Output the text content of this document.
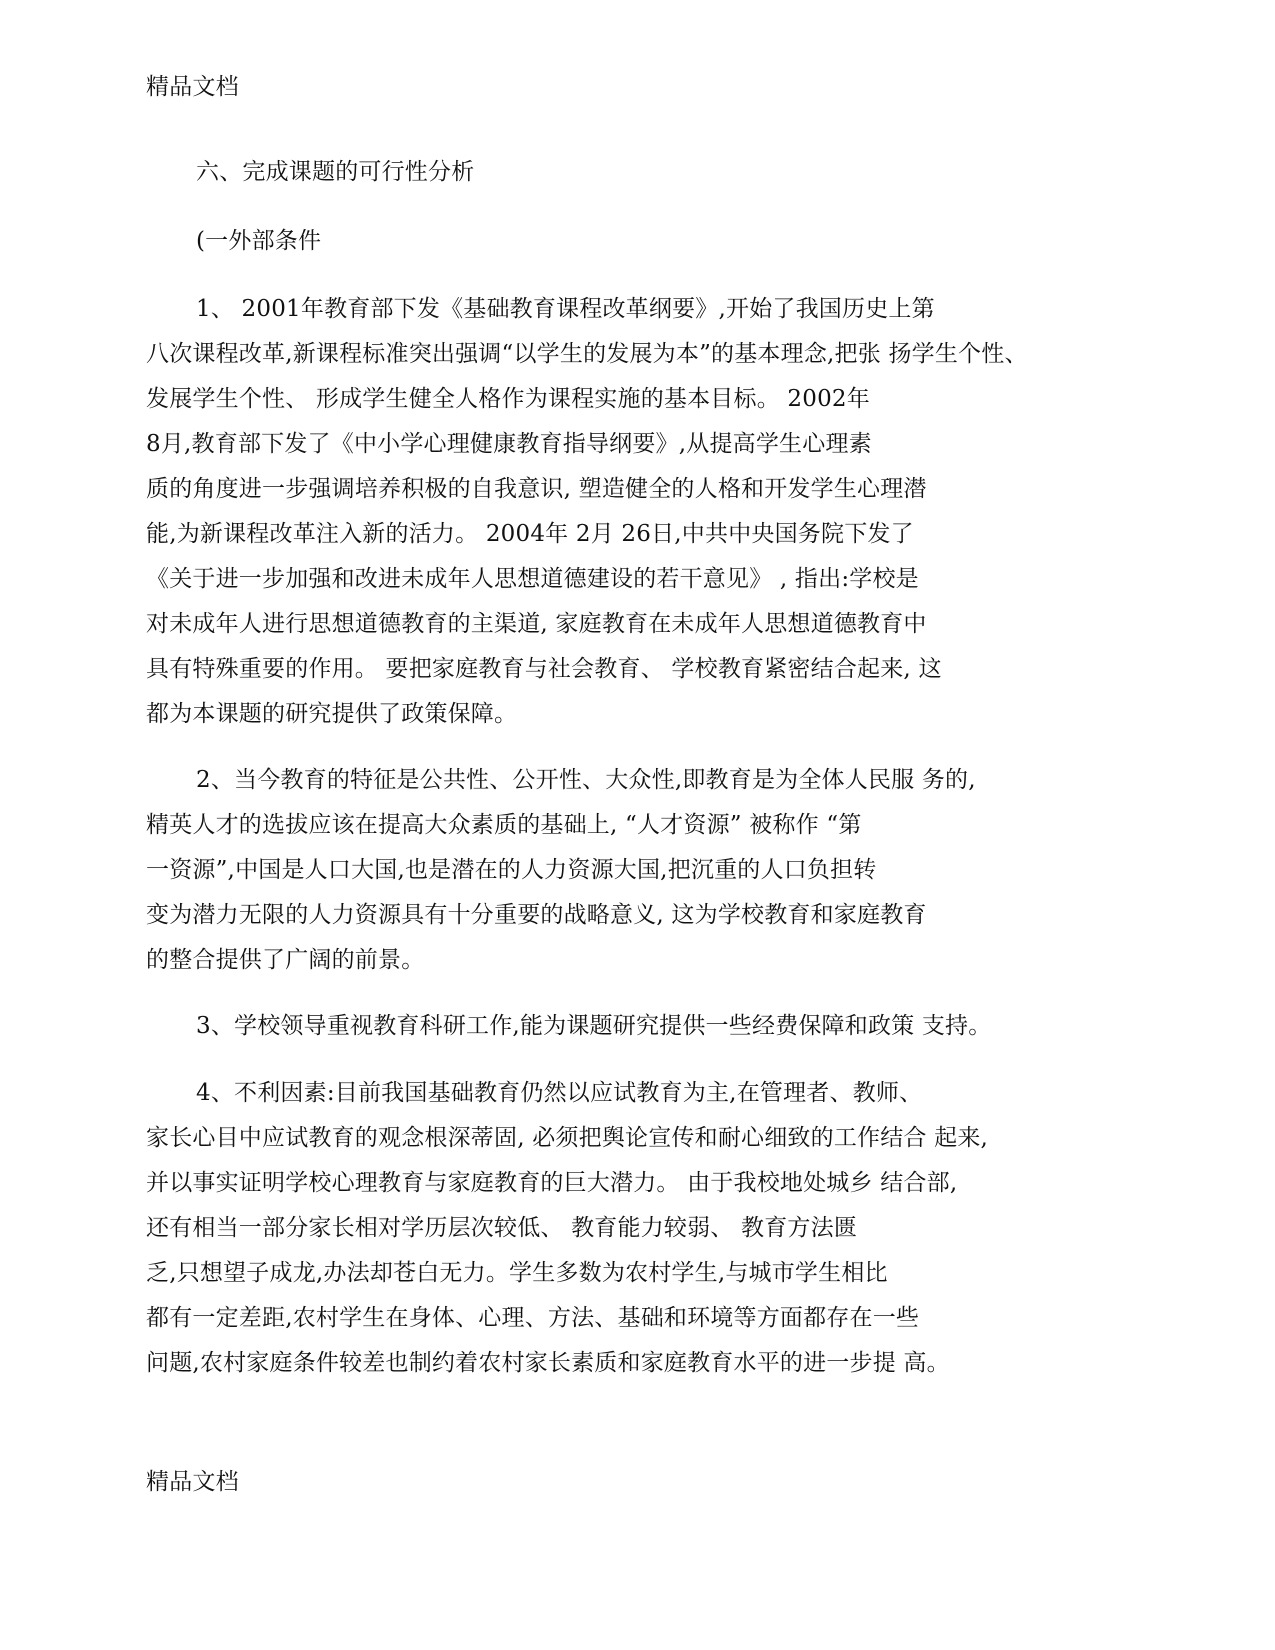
精品文档
六、完成课题的可行性分析
(一外部条件
1、 2001年教育部下发《基础教育课程改革纲要》,开始了我国历史上第
八次课程改革,新课程标准突出强调“以学生的发展为本”的基本理念,把张 扬学生个性、
发展学生个性、 形成学生健全人格作为课程实施的基本目标。 2002年
8月,教育部下发了《中小学心理健康教育指导纲要》,从提高学生心理素
质的角度进一步强调培养积极的自我意识, 塑造健全的人格和开发学生心理潜
能,为新课程改革注入新的活力。 2004年 2月 26日,中共中央国务院下发了
《关于进一步加强和改进未成年人思想道德建设的若干意见》 , 指出:学校是
对未成年人进行思想道德教育的主渠道, 家庭教育在未成年人思想道德教育中
具有特殊重要的作用。 要把家庭教育与社会教育、 学校教育紧密结合起来, 这
都为本课题的研究提供了政策保障。
2、当今教育的特征是公共性、公开性、大众性,即教育是为全体人民服 务的,
精英人才的选拔应该在提高大众素质的基础上, “人才资源” 被称作 “第
一资源”,中国是人口大国,也是潜在的人力资源大国,把沉重的人口负担转
变为潜力无限的人力资源具有十分重要的战略意义, 这为学校教育和家庭教育
的整合提供了广阔的前景。
3、学校领导重视教育科研工作,能为课题研究提供一些经费保障和政策 支持。
4、不利因素:目前我国基础教育仍然以应试教育为主,在管理者、教师、
家长心目中应试教育的观念根深蒂固, 必须把舆论宣传和耐心细致的工作结合 起来,
并以事实证明学校心理教育与家庭教育的巨大潜力。 由于我校地处城乡 结合部,
还有相当一部分家长相对学历层次较低、 教育能力较弱、 教育方法匮
乏,只想望子成龙,办法却苍白无力。学生多数为农村学生,与城市学生相比
都有一定差距,农村学生在身体、心理、方法、基础和环境等方面都存在一些
问题,农村家庭条件较差也制约着农村家长素质和家庭教育水平的进一步提 高。
精品文档
